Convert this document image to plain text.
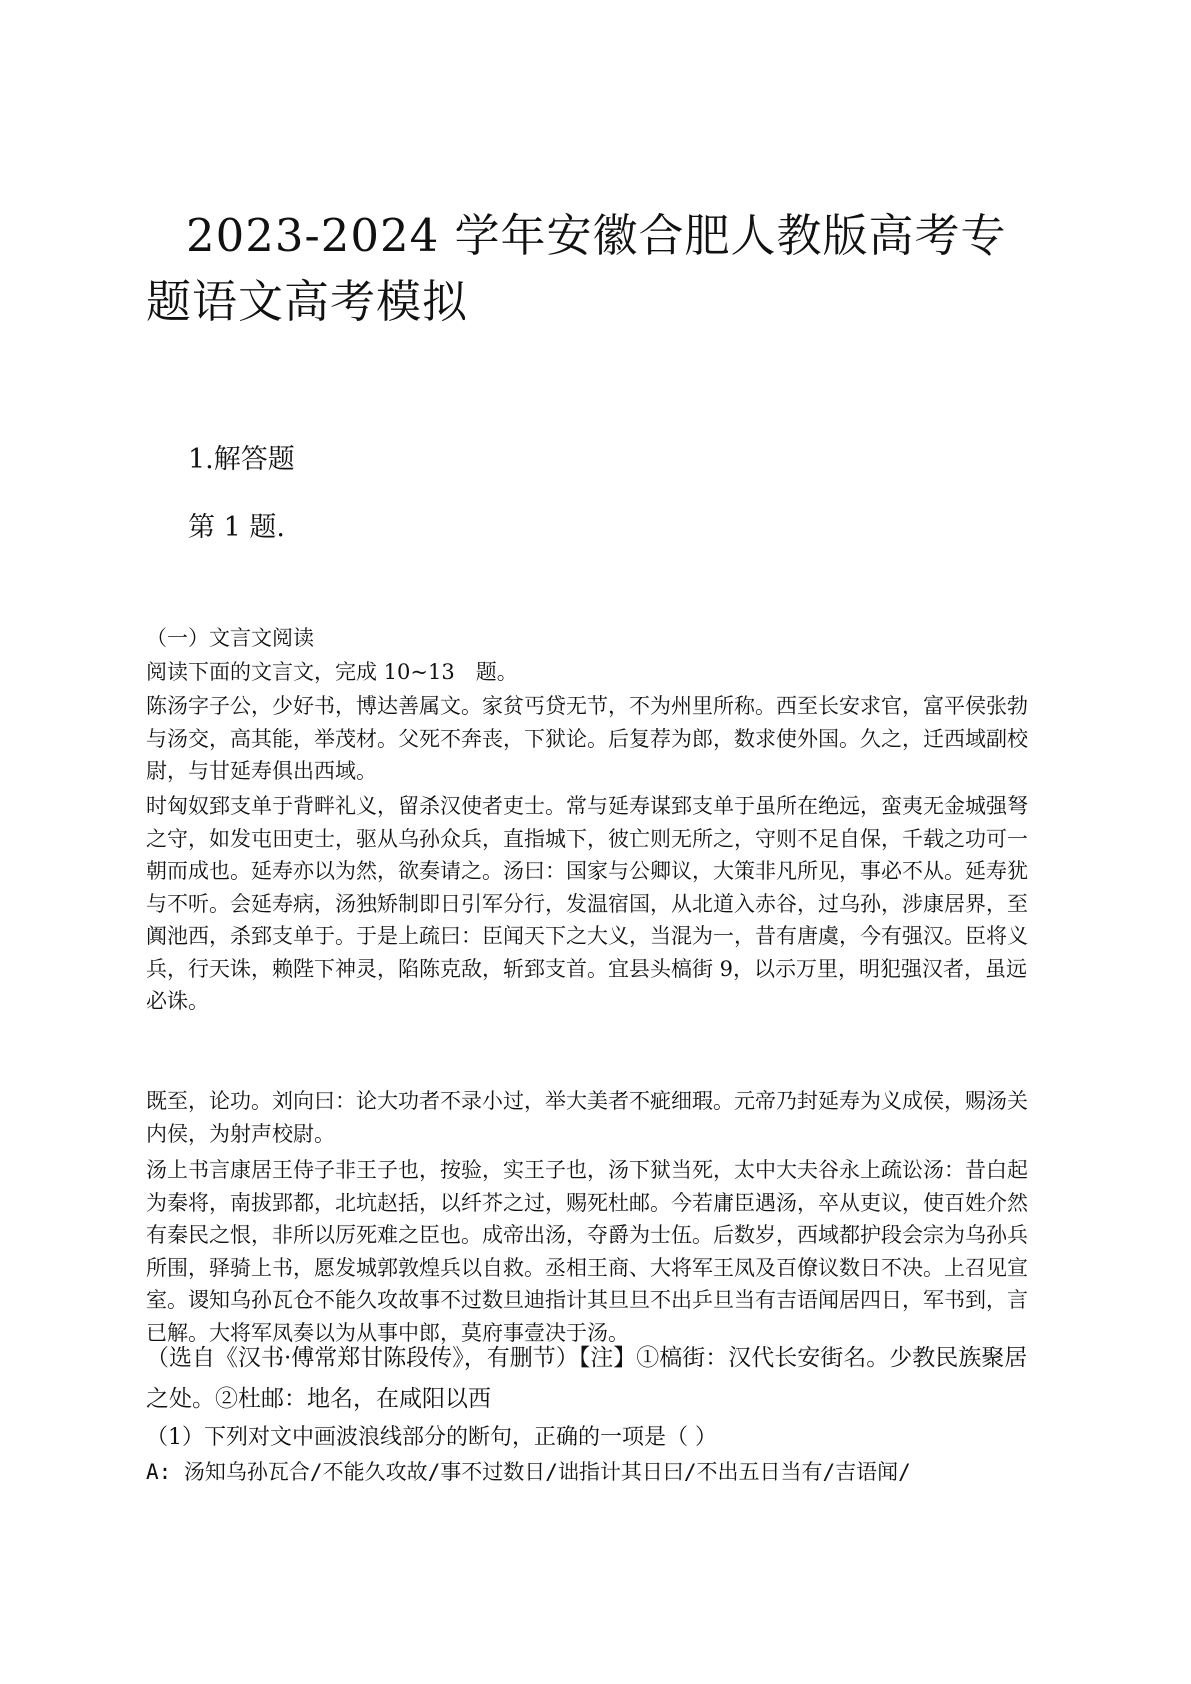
2023-2024 学年安徽合肥人教版高考专题语文高考模拟

1.解答题

第 1 题.

（一）文言文阅读

阅读下面的文言文，完成 10~13　题。

陈汤字子公，少好书，博达善属文。家贫丐贷无节，不为州里所称。西至长安求官，富平侯张勃与汤交，高其能，举茂材。父死不奔丧，下狱论。后复荐为郎，数求使外国。久之，迁西域副校尉，与甘延寿俱出西域。

时匈奴郅支单于背畔礼义，留杀汉使者吏士。常与延寿谋郅支单于虽所在绝远，蛮夷无金城强弩之守，如发屯田吏士，驱从乌孙众兵，直指城下，彼亡则无所之，守则不足自保，千载之功可一朝而成也。延寿亦以为然，欲奏请之。汤曰：国家与公卿议，大策非凡所见，事必不从。延寿犹与不听。会延寿病，汤独矫制即日引军分行，发温宿国，从北道入赤谷，过乌孙，涉康居界，至阗池西，杀郅支单于。于是上疏曰：臣闻天下之大义，当混为一，昔有唐虞，今有强汉。臣将义兵，行天诛，赖陛下神灵，陷陈克敌，斩郅支首。宜县头槁街 9，以示万里，明犯强汉者，虽远必诛。

既至，论功。刘向曰：论大功者不录小过，举大美者不疵细瑕。元帝乃封延寿为义成侯，赐汤关内侯，为射声校尉。

汤上书言康居王侍子非王子也，按验，实王子也，汤下狱当死，太中大夫谷永上疏讼汤：昔白起为秦将，南拔郢都，北坑赵括，以纤芥之过，赐死杜邮。今若庸臣遇汤，卒从吏议，使百姓介然有秦民之恨，非所以厉死难之臣也。成帝出汤，夺爵为士伍。后数岁，西域都护段会宗为乌孙兵所围，驿骑上书，愿发城郭敦煌兵以自救。丞相王商、大将军王凤及百僚议数日不决。上召见宣室。谡知乌孙瓦仓不能久攻故事不过数旦迪指计其旦旦不出乒旦当有吉语闻居四日，军书到，言已解。大将军凤奏以为从事中郎，莫府事壹决于汤。

（选自《汉书·傅常郑甘陈段传》，有删节）【注】①槁街：汉代长安街名。少教民族聚居之处。②杜邮：地名，在咸阳以西

（1）下列对文中画波浪线部分的断句，正确的一项是（ ）

A: 汤知乌孙瓦合/不能久攻故/事不过数日/诎指计其日曰/不出五日当有/吉语闻/
